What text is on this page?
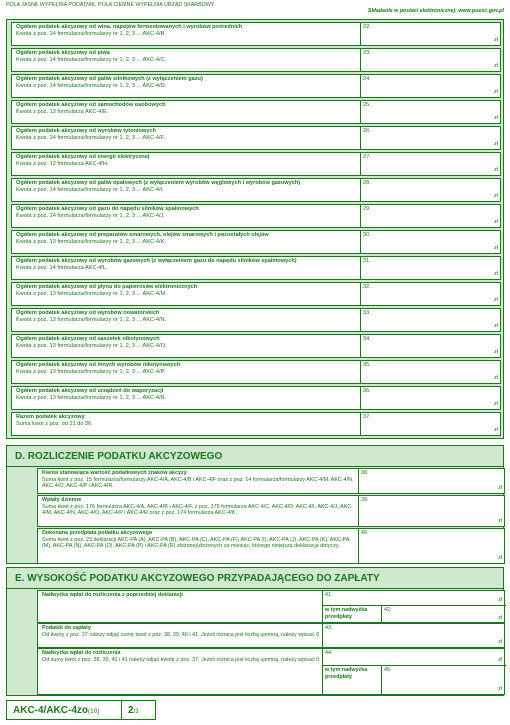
POLA JASNE WYPEŁNIA PODATNIK, POLA CIEMNE WYPEŁNIA URZĄD SKARBOWY.
Składanie w postaci elektronicznej: www.puesc.gov.pl
Ogółem podatek akcyzowy od wina, napojów fermentowanych i wyrobów pośrednich
Kwota z poz. 14 formularza/formularzy nr 1, 2, 3 ... AKC-4/B.
22.
zł
Ogółem podatek akcyzowy od piwa
Kwota z poz. 14 formularza/formularzy nr 1, 2, 3 ... AKC-4/C.
23.
zł
Ogółem podatek akcyzowy od paliw silnikowych (z wyłączeniem gazu)
Kwota z poz. 14 formularza/formularzy nr 1, 2, 3 ... AKC-4/D.
24.
zł
Ogółem podatek akcyzowy od samochodów osobowych
Kwota z poz. 13 formularza AKC-4/E.
25.
zł
Ogółem podatek akcyzowy od wyrobów tytoniowych
Kwota z poz. 14 formularza/formularzy nr 1, 2, 3 ... AKC-4/F.
26.
zł
Ogółem podatek akcyzowy od energii elektrycznej
Kwota z poz. 12 formularza AKC-4/H.
27.
zł
Ogółem podatek akcyzowy od paliw opałowych (z wyłączeniem wyrobów węglowych i wyrobów gazowych)
Kwota z poz. 14 formularza/formularzy nr 1, 2, 3 ... AKC-4/I.
28.
zł
Ogółem podatek akcyzowy od gazu do napędu silników spalinowych
Kwota z poz. 14 formularza/formularzy nr 1, 2, 3 ... AKC-4/J.
29.
zł
Ogółem podatek akcyzowy od preparatów smarowych, olejów smarowych i pozostałych olejów
Kwota z poz. 13 formularza/formularzy nr 1, 2, 3 ... AKC-4/K.
30.
zł
Ogółem podatek akcyzowy od wyrobów gazowych (z wyłączeniem gazu do napędu silników spalinowych)
Kwota z poz. 14 formularza AKC-4/L.
31.
zł
Ogółem podatek akcyzowy od płynu do papierosów elektronicznych
Kwota z poz. 13 formularza/formularzy nr 1, 2, 3 ... AKC-4/M.
32.
zł
Ogółem podatek akcyzowy od wyrobów nowatorskich
Kwota z poz. 13 formularza/formularzy nr 1, 2, 3 ... AKC-4/N.
33.
zł
Ogółem podatek akcyzowy od saszetek nikotynowych
Kwota z poz. 13 formularza/formularzy nr 1, 2, 3 ... AKC-4/O.
34.
zł
Ogółem podatek akcyzowy od innych wyrobów nikotynowych
Kwota z poz. 13 formularza/formularzy nr 1, 2, 3 ... AKC-4/P.
35.
zł
Ogółem podatek akcyzowy od urządzeń do waporyzacji
Kwota z poz. 13 formularza/formularzy nr 1, 2, 3 ... AKC-4/R.
36.
zł
Razem podatek akcyzowy
Suma kwot z poz. od 21 do 36.
37.
zł
D. ROZLICZENIE PODATKU AKCYZOWEGO
Kwota stanowiąca wartość podatkowych znaków akcyzy
Suma kwot z poz. 15 formularza/formularzy AKC-4/A, AKC-4/B i AKC-4/F oraz z poz. 14 formularza/formularzy AKC-4/M, AKC-4/N, AKC-4/O, AKC-4/P i AKC-4/R.
38.
zł
Wpłaty dzienne
Suma kwot z poz. 176 formularza AKC-4/A, AKC-4/B i AKC-4/F, z poz. 175 formularza AKC-4/C, AKC-4/D, AKC-4/I, AKC-4/J, AKC-4/M, AKC-4/N, AKC-4/O, AKC-4/P i AKC-4/R oraz z poz. 174 formularza AKC-4/K.
39.
zł
Dokonana przedpłata podatku akcyzowego
Suma kwot z poz. 23 deklaracji AKC-PA (A), AKC-PA (B), AKC-PA (C), AKC-PA (F), AKC-PA (I), AKC-PA (J), AKC-PA (K), AKC-PA (M), AKC-PA (N), AKC-PA (O), AKC-PA (P) i AKC-PA (R) złożonej/złożonych za miesiąc, którego niniejsza deklaracja dotyczy.
40.
zł
E. WYSOKOŚĆ PODATKU AKCYZOWEGO PRZYPADAJĄCEGO DO ZAPŁATY
Nadwyżka wpłat do rozliczenia z poprzedniej deklaracji	41.
zł
w tym nadwyżka przedpłaty
42.
zł
Podatek do zapłaty
Od kwoty z poz. 37 należy odjąć sumę kwot z poz. 38, 39, 40 i 41. Jeżeli różnica jest liczbą ujemną, należy wpisać 0.
43.
zł
Nadwyżka wpłat do rozliczenia
Od sumy kwot z poz. 38, 39, 40 i 41 należy odjąć kwotę z poz. 37. Jeżeli różnica jest liczbą ujemną, należy wpisać 0.
44.
zł
w tym nadwyżka przedpłaty
45.
zł
AKC-4/AKC-4zo(10)	2/3
